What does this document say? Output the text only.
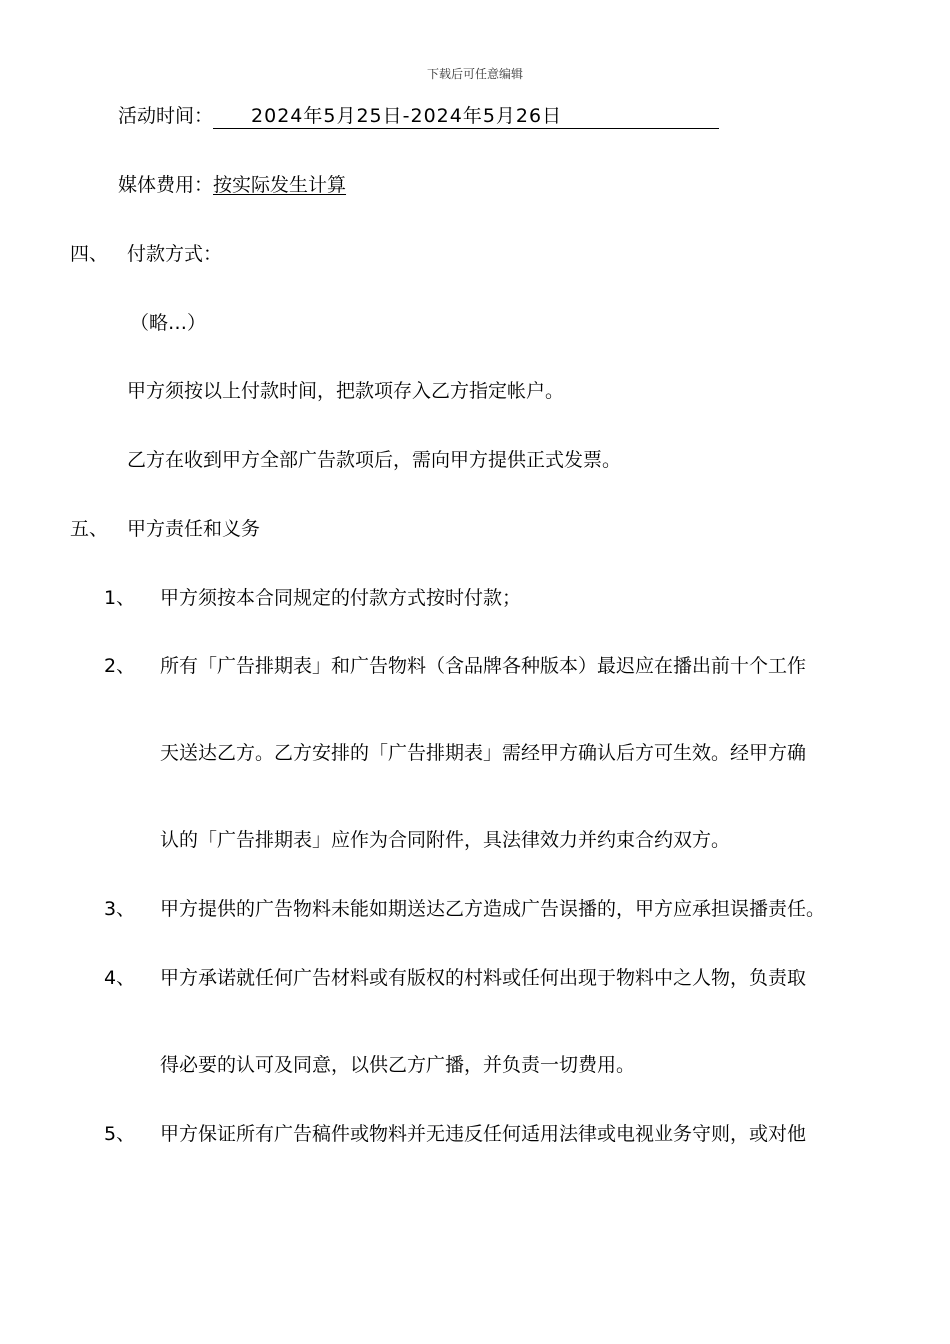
下载后可任意编辑
活动时间： 2024年5月25日-2024年5月26日
媒体费用：按实际发生计算
四、 付款方式：
（略…）
甲方须按以上付款时间，把款项存入乙方指定帐户。
乙方在收到甲方全部广告款项后，需向甲方提供正式发票。
五、 甲方责任和义务
1、 甲方须按本合同规定的付款方式按时付款；
2、 所有「广告排期表」和广告物料（含品牌各种版本）最迟应在播出前十个工作
天送达乙方。乙方安排的「广告排期表」需经甲方确认后方可生效。经甲方确
认的「广告排期表」应作为合同附件，具法律效力并约束合约双方。
3、 甲方提供的广告物料未能如期送达乙方造成广告误播的，甲方应承担误播责任。
4、 甲方承诺就任何广告材料或有版权的村料或任何出现于物料中之人物，负责取
得必要的认可及同意，以供乙方广播，并负责一切费用。
5、 甲方保证所有广告稿件或物料并无违反任何适用法律或电视业务守则，或对他
